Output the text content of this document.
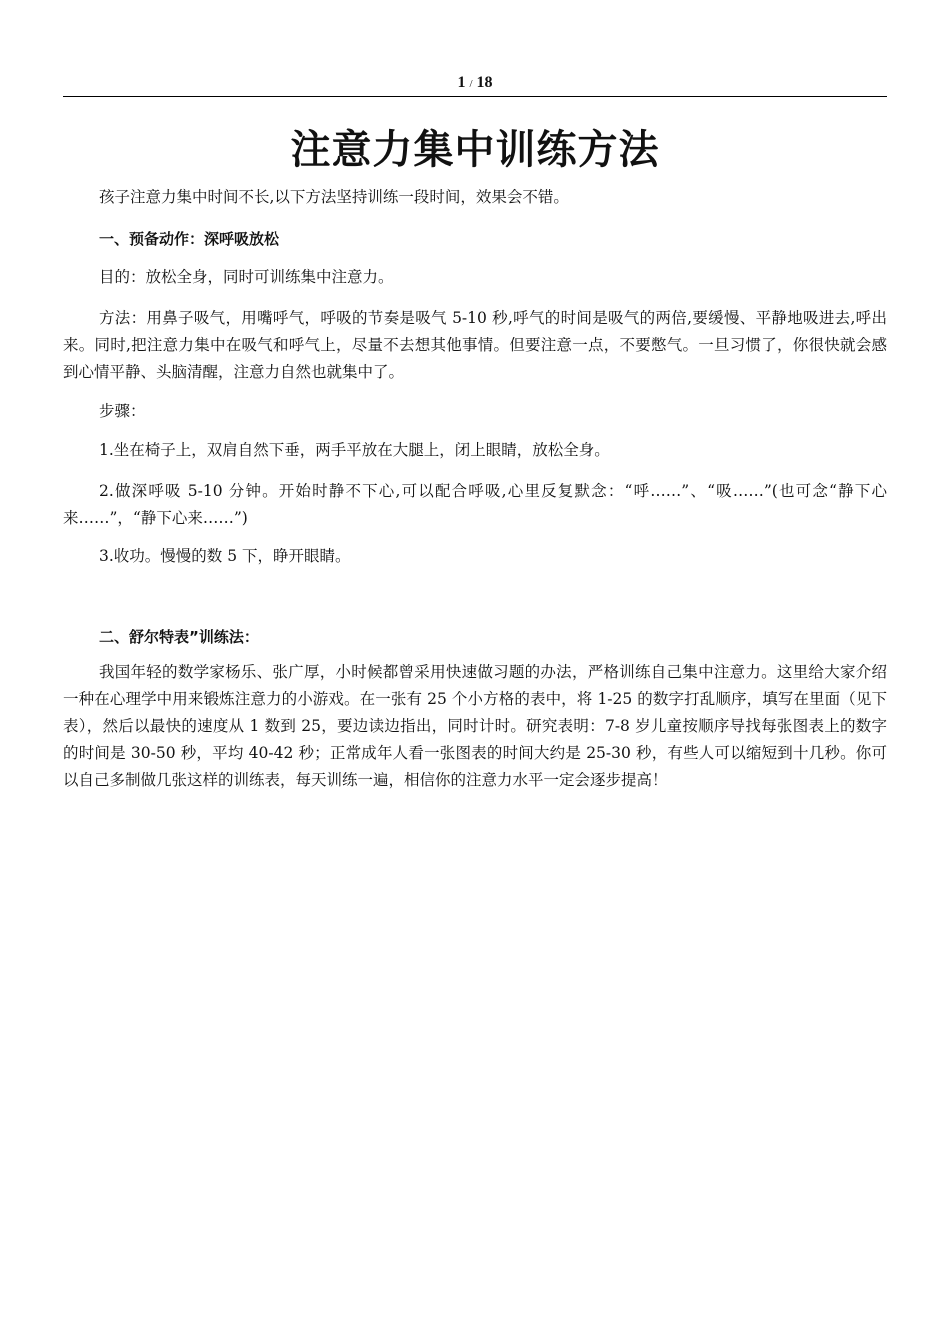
1 / 18
注意力集中训练方法
孩子注意力集中时间不长,以下方法坚持训练一段时间，效果会不错。
一、预备动作：深呼吸放松
目的：放松全身，同时可训练集中注意力。
方法：用鼻子吸气，用嘴呼气，呼吸的节奏是吸气 5-10 秒,呼气的时间是吸气的两倍,要缓慢、平静地吸进去,呼出来。同时,把注意力集中在吸气和呼气上，尽量不去想其他事情。但要注意一点，不要憋气。一旦习惯了，你很快就会感到心情平静、头脑清醒，注意力自然也就集中了。
步骤：
1.坐在椅子上，双肩自然下垂，两手平放在大腿上，闭上眼睛，放松全身。
2.做深呼吸 5-10 分钟。开始时静不下心,可以配合呼吸,心里反复默念：“呼……”、“吸……”(也可念“静下心来……”，“静下心来……”)
3.收功。慢慢的数 5 下，睁开眼睛。
二、舒尔特表”训练法：
我国年轻的数学家杨乐、张广厚，小时候都曾采用快速做习题的办法，严格训练自己集中注意力。这里给大家介绍一种在心理学中用来锻炼注意力的小游戏。在一张有 25 个小方格的表中，将 1-25 的数字打乱顺序，填写在里面（见下表），然后以最快的速度从 1 数到 25，要边读边指出，同时计时。研究表明：7-8 岁儿童按顺序导找每张图表上的数字的时间是 30-50 秒，平均 40-42 秒；正常成年人看一张图表的时间大约是 25-30 秒，有些人可以缩短到十几秒。你可以自己多制做几张这样的训练表，每天训练一遍，相信你的注意力水平一定会逐步提高！
